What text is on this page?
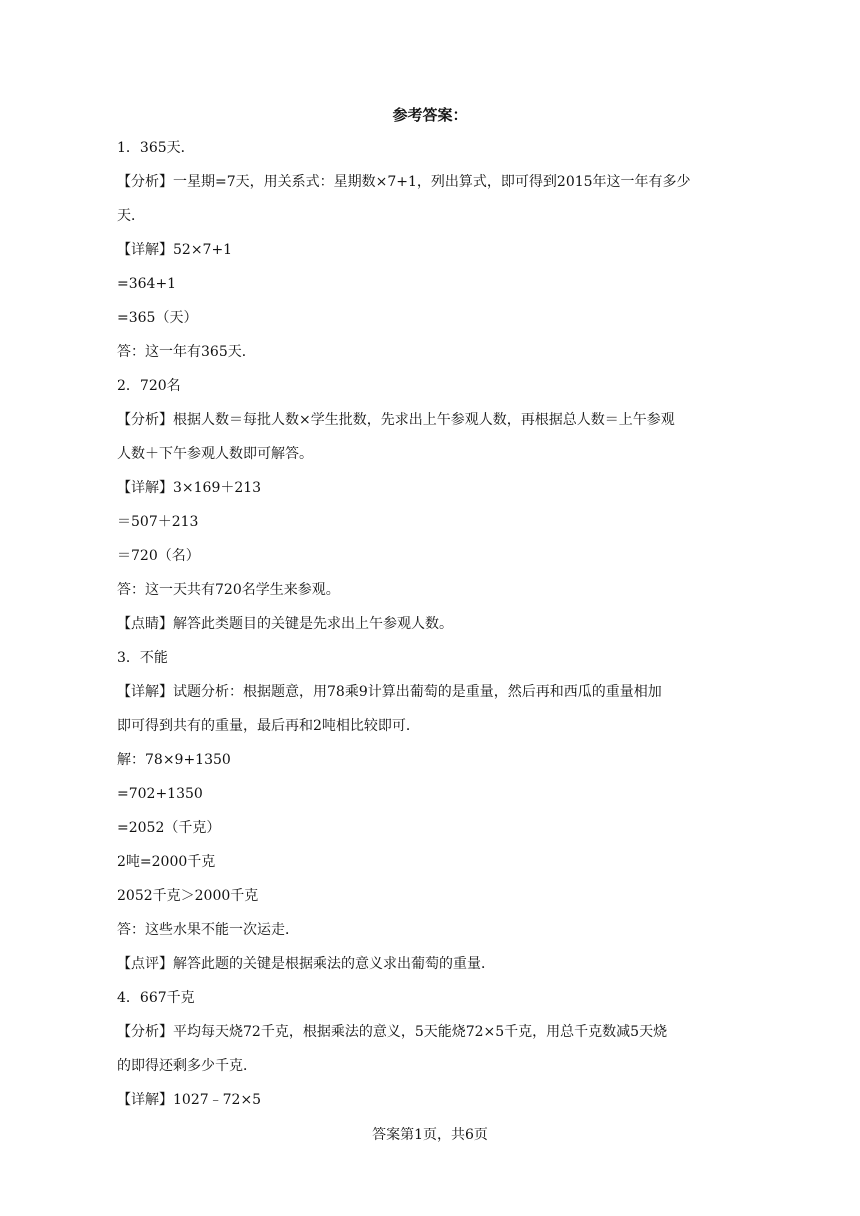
参考答案：
1．365天．
【分析】一星期=7天，用关系式：星期数×7+1，列出算式，即可得到2015年这一年有多少
天．
【详解】52×7+1
=364+1
=365（天）
答：这一年有365天．
2．720名
【分析】根据人数＝每批人数×学生批数，先求出上午参观人数，再根据总人数＝上午参观
人数＋下午参观人数即可解答。
【详解】3×169＋213
＝507＋213
＝720（名）
答：这一天共有720名学生来参观。
【点睛】解答此类题目的关键是先求出上午参观人数。
3．不能
【详解】试题分析：根据题意，用78乘9计算出葡萄的是重量，然后再和西瓜的重量相加
即可得到共有的重量，最后再和2吨相比较即可．
解：78×9+1350
=702+1350
=2052（千克）
2吨=2000千克
2052千克＞2000千克
答：这些水果不能一次运走．
【点评】解答此题的关键是根据乘法的意义求出葡萄的重量．
4．667千克
【分析】平均每天烧72千克，根据乘法的意义，5天能烧72×5千克，用总千克数减5天烧
的即得还剩多少千克．
【详解】1027﹣72×5
答案第1页，共6页
